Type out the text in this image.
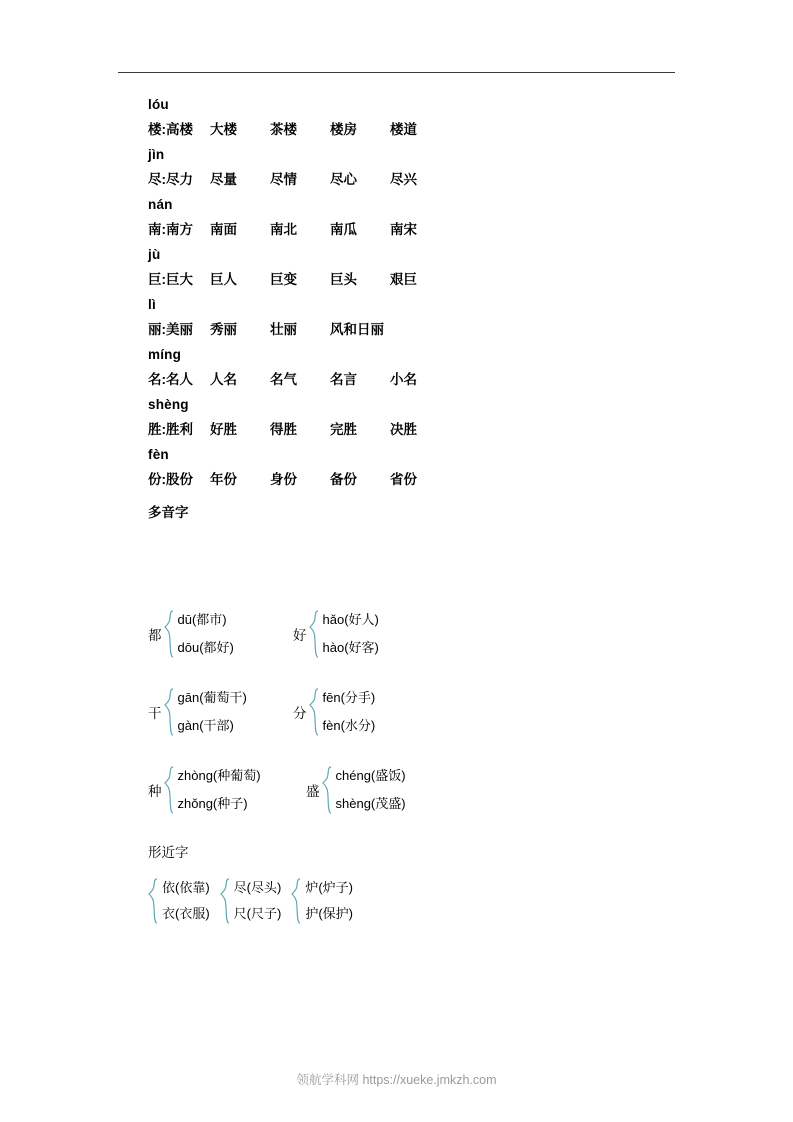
lóu
楼:高楼	大楼	茶楼	楼房	楼道
jìn
尽:尽力	尽量	尽情	尽心	尽兴
nán
南:南方	南面	南北	南瓜	南宋
jù
巨:巨大	巨人	巨变	巨头	艰巨
lì
丽:美丽	秀丽	壮丽	风和日丽
míng
名:名人	人名	名气	名言	小名
shèng
胜:胜利	好胜	得胜	完胜	决胜
fèn
份:股份	年份	身份	备份	省份
多音字
都
dū(都市)
dōu(都好)
好
hǎo(好人)
hào(好客)
干
gān(葡萄干)
gàn(干部)
分
fēn(分手)
fèn(水分)
种
zhòng(种葡萄)
zhǒng(种子)
盛
chéng(盛饭)
shèng(茂盛)
形近字
依(依靠)
衣(衣服)
尽(尽头)
尺(尺子)
炉(炉子)
护(保护)
领航学科网 https://xueke.jmkzh.com
